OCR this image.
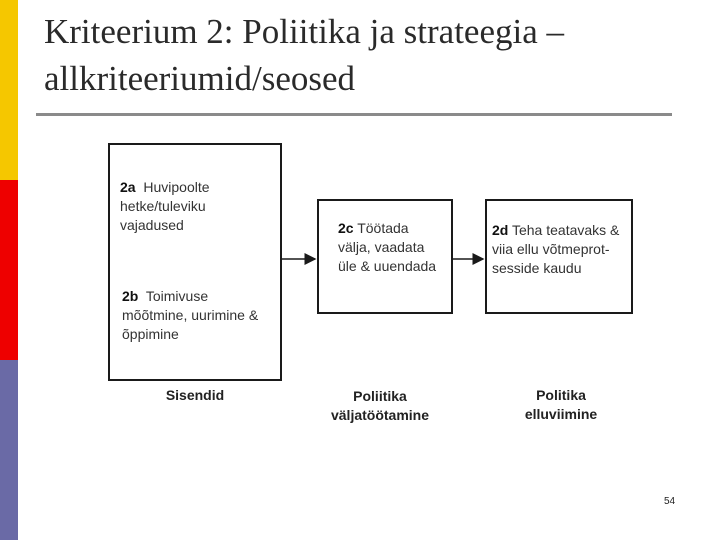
Kriteerium 2: Poliitika ja strateegia –
allkriteeriumid/seosed
2a Huvipoolte hetke/tuleviku vajadused
2b Toimivuse mõõtmine, uurimine & õppimine
2c Töötada välja, vaadata üle & uuendada
2d Teha teatavaks & viia ellu võtmeprot-sesside kaudu
Sisendid	Poliitika väljatöötamine
Politika elluviimine
54
